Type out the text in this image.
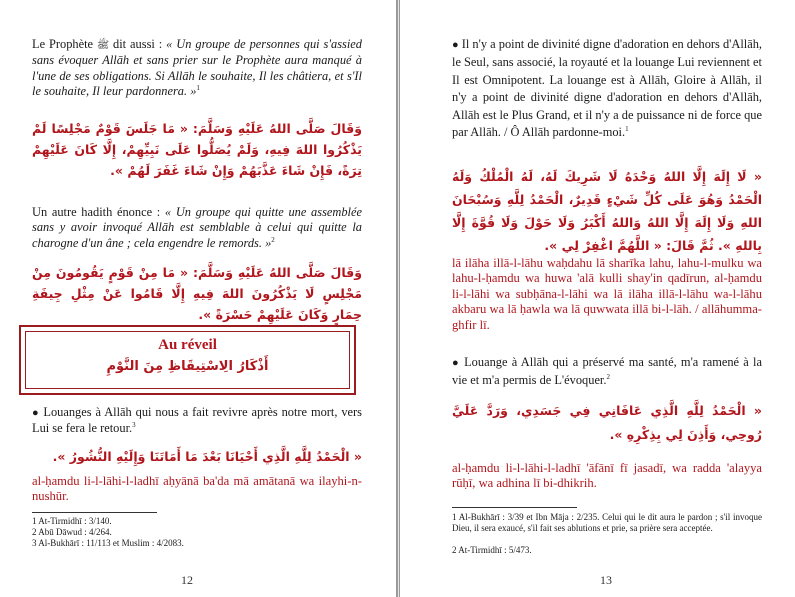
Le Prophète ﷺ dit aussi : « Un groupe de personnes qui s'assied sans évoquer Allāh et sans prier sur le Prophète aura manqué à l'une de ses obligations. Si Allāh le souhaite, Il les châtiera, et s'Il le souhaite, Il leur pardonnera. »$^1$
وَقَالَ صَلَّى اللهُ عَلَيْهِ وَسَلَّمَ: « مَا جَلَسَ قَوْمٌ مَجْلِسًا لَمْ يَذْكُرُوا اللهَ فِيهِ، وَلَمْ يُصَلُّوا عَلَى نَبِيِّهِمْ، إِلَّا كَانَ عَلَيْهِمْ تِرَةً، فَإِنْ شَاءَ عَذَّبَهُمْ وَإِنْ شَاءَ غَفَرَ لَهُمْ ».
Un autre hadith énonce : « Un groupe qui quitte une assemblée sans y avoir invoqué Allāh est semblable à celui qui quitte la charogne d'un âne ; cela engendre le remords. »$^2$
وَقَالَ صَلَّى اللهُ عَلَيْهِ وَسَلَّمَ: « مَا مِنْ قَوْمٍ يَقُومُونَ مِنْ مَجْلِسٍ لَا يَذْكُرُونَ اللهَ فِيهِ إِلَّا قَامُوا عَنْ مِثْلِ جِيفَةِ حِمَارٍ وَكَانَ عَلَيْهِمْ حَسْرَةً ».
Au réveil
أَذْكَارُ الِاسْتِيقَاظِ مِنَ النَّوْمِ
● Louanges à Allāh qui nous a fait revivre après notre mort, vers Lui se fera le retour.$^3$
« الْحَمْدُ لِلَّهِ الَّذِي أَحْيَانَا بَعْدَ مَا أَمَاتَنَا وَإِلَيْهِ النُّشُورُ ».
al-ḥamdu li-l-lāhi-l-ladhī aḥyānā ba'da mā amātanā wa ilayhi-n-nushūr.
1 At-Tirmidhī : 3/140.
2 Abū Dāwud : 4/264.
3 Al-Bukhārī : 11/113 et Muslim : 4/2083.
12
● Il n'y a point de divinité digne d'adoration en dehors d'Allāh, le Seul, sans associé, la royauté et la louange Lui reviennent et Il est Omnipotent. La louange est à Allāh, Gloire à Allāh, il n'y a point de divinité digne d'adoration en dehors d'Allāh, Allāh est le Plus Grand, et il n'y a de puissance ni de force que par Allāh. / Ô Allāh pardonne-moi.$^1$
« لَا إِلَهَ إِلَّا اللهُ وَحْدَهُ لَا شَرِيكَ لَهُ، لَهُ الْمُلْكُ وَلَهُ الْحَمْدُ وَهُوَ عَلَى كُلِّ شَيْءٍ قَدِيرٌ، الْحَمْدُ لِلَّهِ وَسُبْحَانَ اللهِ وَلَا إِلَهَ إِلَّا اللهُ وَاللهُ أَكْبَرُ وَلَا حَوْلَ وَلَا قُوَّةَ إِلَّا بِاللهِ ». ثُمَّ قَالَ: « اللَّهُمَّ اغْفِرْ لِي ».
lā ilāha illā-l-lāhu waḥdahu lā sharīka lahu, lahu-l-mulku wa lahu-l-ḥamdu wa huwa 'alā kulli shay'in qadīrun, al-ḥamdu li-l-lāhi wa subḥāna-l-lāhi wa lā ilāha illā-l-lāhu wa-l-lāhu akbaru wa lā ḥawla wa lā quwwata illā bi-l-lāh. / allāhumma-ghfir lī.
● Louange à Allāh qui a préservé ma santé, m'a ramené à la vie et m'a permis de L'évoquer.$^2$
« الْحَمْدُ لِلَّهِ الَّذِي عَافَانِي فِي جَسَدِي، وَرَدَّ عَلَيَّ رُوحِي، وَأَذِنَ لِي بِذِكْرِهِ ».
al-ḥamdu li-l-lāhi-l-ladhī 'āfānī fī jasadī, wa radda 'alayya rūḥī, wa adhina lī bi-dhikrih.
1 Al-Bukhārī : 3/39 et Ibn Māja : 2/235. Celui qui le dit aura le pardon ; s'il invoque Dieu, il sera exaucé, s'il fait ses ablutions et prie, sa prière sera acceptée.
2 At-Tirmidhī : 5/473.
13
